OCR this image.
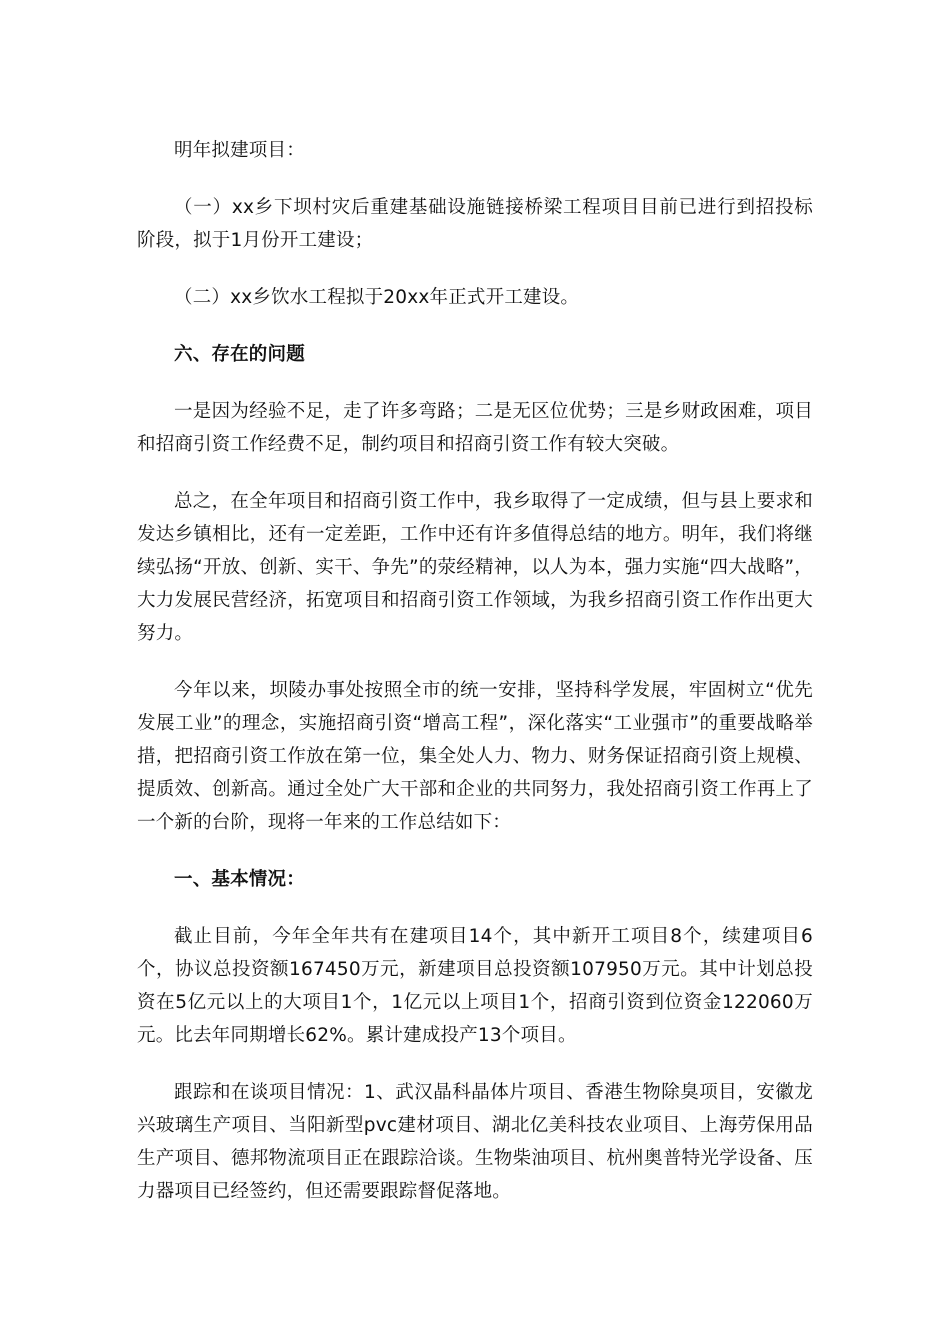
明年拟建项目：

（一）xx乡下坝村灾后重建基础设施链接桥梁工程项目目前已进行到招投标阶段，拟于1月份开工建设；

（二）xx乡饮水工程拟于20xx年正式开工建设。

六、存在的问题

一是因为经验不足，走了许多弯路；二是无区位优势；三是乡财政困难，项目和招商引资工作经费不足，制约项目和招商引资工作有较大突破。

总之，在全年项目和招商引资工作中，我乡取得了一定成绩，但与县上要求和发达乡镇相比，还有一定差距，工作中还有许多值得总结的地方。明年，我们将继续弘扬“开放、创新、实干、争先”的荥经精神，以人为本，强力实施“四大战略”，大力发展民营经济，拓宽项目和招商引资工作领域，为我乡招商引资工作作出更大努力。

今年以来，坝陵办事处按照全市的统一安排，坚持科学发展，牢固树立“优先发展工业”的理念，实施招商引资“增高工程”，深化落实“工业强市”的重要战略举措，把招商引资工作放在第一位，集全处人力、物力、财务保证招商引资上规模、提质效、创新高。通过全处广大干部和企业的共同努力，我处招商引资工作再上了一个新的台阶，现将一年来的工作总结如下：

一、基本情况：

截止目前，今年全年共有在建项目14个，其中新开工项目8个，续建项目6个，协议总投资额167450万元，新建项目总投资额107950万元。其中计划总投资在5亿元以上的大项目1个，1亿元以上项目1个，招商引资到位资金122060万元。比去年同期增长62%。累计建成投产13个项目。

跟踪和在谈项目情况：1、武汉晶科晶体片项目、香港生物除臭项目，安徽龙兴玻璃生产项目、当阳新型pvc建材项目、湖北亿美科技农业项目、上海劳保用品生产项目、德邦物流项目正在跟踪洽谈。生物柴油项目、杭州奥普特光学设备、压力器项目已经签约，但还需要跟踪督促落地。
